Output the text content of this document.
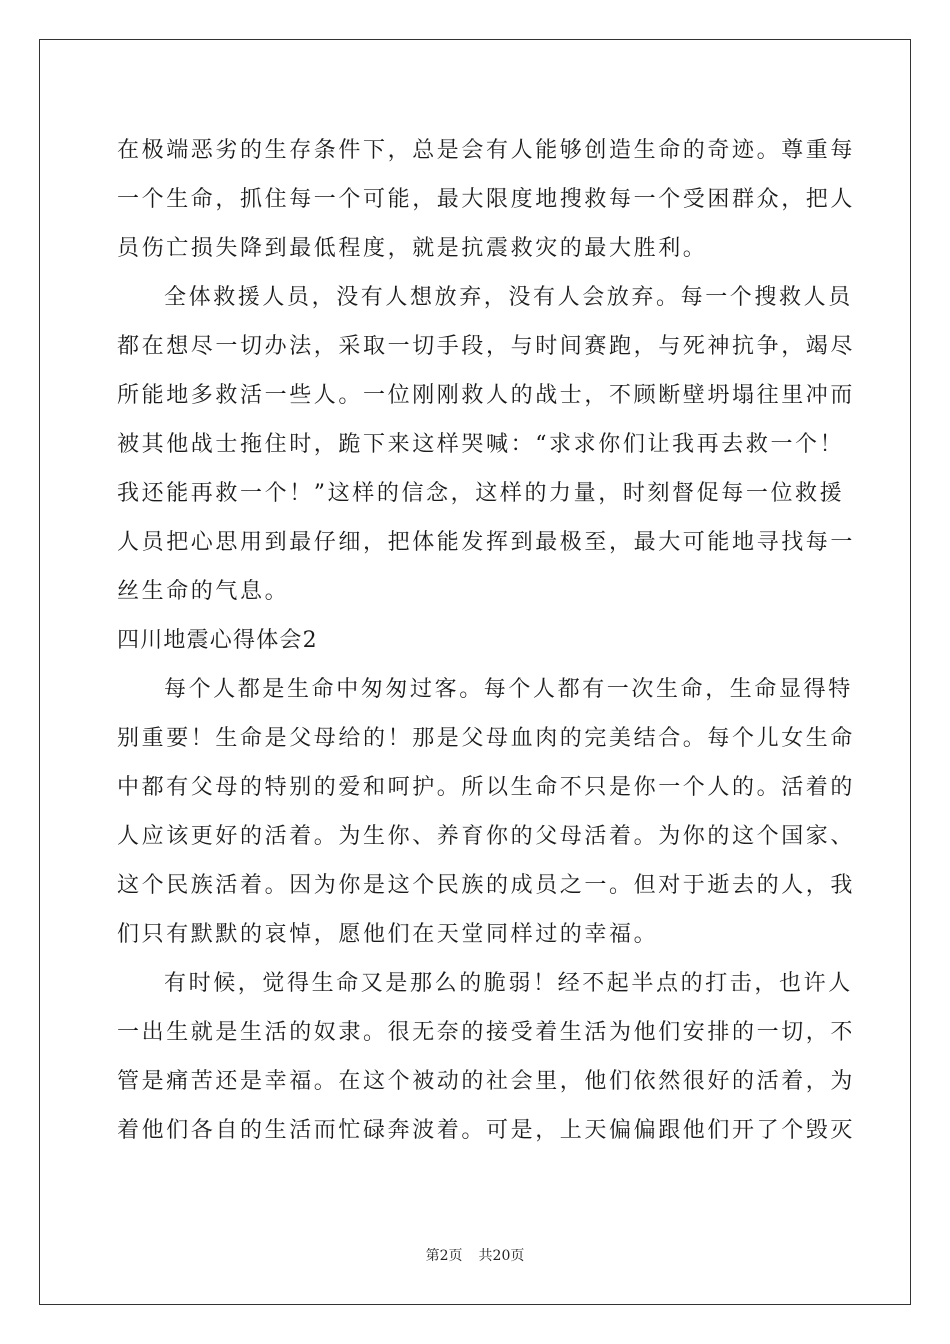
在极端恶劣的生存条件下，总是会有人能够创造生命的奇迹。尊重每
一个生命，抓住每一个可能，最大限度地搜救每一个受困群众，把人
员伤亡损失降到最低程度，就是抗震救灾的最大胜利。
全体救援人员，没有人想放弃，没有人会放弃。每一个搜救人员
都在想尽一切办法，采取一切手段，与时间赛跑，与死神抗争，竭尽
所能地多救活一些人。一位刚刚救人的战士，不顾断壁坍塌往里冲而
被其他战士拖住时，跪下来这样哭喊：“求求你们让我再去救一个！
我还能再救一个！”这样的信念，这样的力量，时刻督促每一位救援
人员把心思用到最仔细，把体能发挥到最极至，最大可能地寻找每一
丝生命的气息。
四川地震心得体会2
每个人都是生命中匆匆过客。每个人都有一次生命，生命显得特
别重要！生命是父母给的！那是父母血肉的完美结合。每个儿女生命
中都有父母的特别的爱和呵护。所以生命不只是你一个人的。活着的
人应该更好的活着。为生你、养育你的父母活着。为你的这个国家、
这个民族活着。因为你是这个民族的成员之一。但对于逝去的人，我
们只有默默的哀悼，愿他们在天堂同样过的幸福。
有时候，觉得生命又是那么的脆弱！经不起半点的打击，也许人
一出生就是生活的奴隶。很无奈的接受着生活为他们安排的一切，不
管是痛苦还是幸福。在这个被动的社会里，他们依然很好的活着，为
着他们各自的生活而忙碌奔波着。可是，上天偏偏跟他们开了个毁灭
第2页 共20页
